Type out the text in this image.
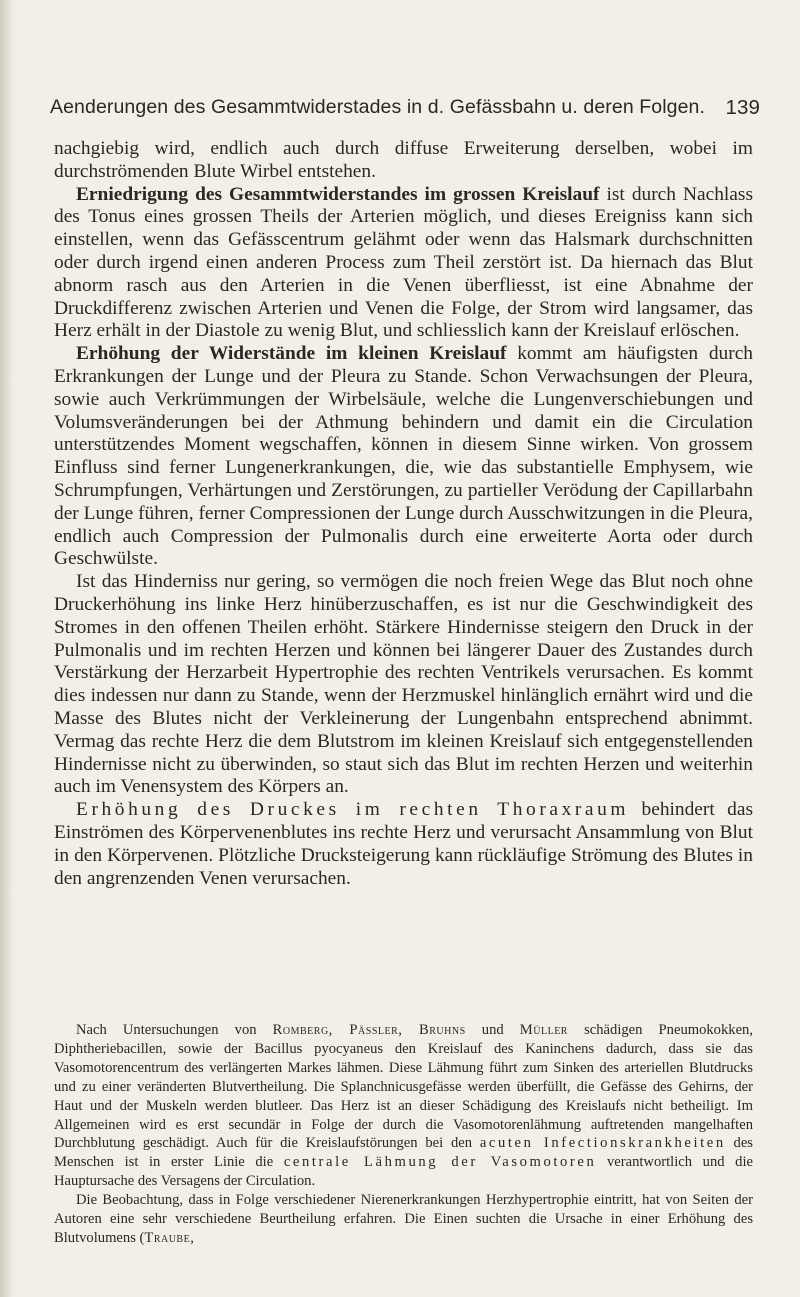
Aenderungen des Gesammtwiderstades in d. Gefässbahn u. deren Folgen. 139

nachgiebig wird, endlich auch durch diffuse Erweiterung derselben, wobei im durchströmenden Blute Wirbel entstehen.

Erniedrigung des Gesammtwiderstandes im grossen Kreislauf ist durch Nachlass des Tonus eines grossen Theils der Arterien möglich, und dieses Ereigniss kann sich einstellen, wenn das Gefässcentrum gelähmt oder wenn das Halsmark durchschnitten oder durch irgend einen anderen Process zum Theil zerstört ist. Da hiernach das Blut abnorm rasch aus den Arterien in die Venen überfliesst, ist eine Abnahme der Druckdifferenz zwischen Arterien und Venen die Folge, der Strom wird langsamer, das Herz erhält in der Diastole zu wenig Blut, und schliesslich kann der Kreislauf erlöschen.

Erhöhung der Widerstände im kleinen Kreislauf kommt am häufigsten durch Erkrankungen der Lunge und der Pleura zu Stande. Schon Verwachsungen der Pleura, sowie auch Verkrümmungen der Wirbelsäule, welche die Lungenverschiebungen und Volumsveränderungen bei der Athmung behindern und damit ein die Circulation unterstützendes Moment wegschaffen, können in diesem Sinne wirken. Von grossem Einfluss sind ferner Lungenerkrankungen, die, wie das substantielle Emphysem, wie Schrumpfungen, Verhärtungen und Zerstörungen, zu partieller Verödung der Capillarbahn der Lunge führen, ferner Compressionen der Lunge durch Ausschwitzungen in die Pleura, endlich auch Compression der Pulmonalis durch eine erweiterte Aorta oder durch Geschwülste.

Ist das Hinderniss nur gering, so vermögen die noch freien Wege das Blut noch ohne Druckerhöhung ins linke Herz hinüberzuschaffen, es ist nur die Geschwindigkeit des Stromes in den offenen Theilen erhöht. Stärkere Hindernisse steigern den Druck in der Pulmonalis und im rechten Herzen und können bei längerer Dauer des Zustandes durch Verstärkung der Herzarbeit Hypertrophie des rechten Ventrikels verursachen. Es kommt dies indessen nur dann zu Stande, wenn der Herzmuskel hinlänglich ernährt wird und die Masse des Blutes nicht der Verkleinerung der Lungenbahn entsprechend abnimmt. Vermag das rechte Herz die dem Blutstrom im kleinen Kreislauf sich entgegenstellenden Hindernisse nicht zu überwinden, so staut sich das Blut im rechten Herzen und weiterhin auch im Venensystem des Körpers an.

Erhöhung des Druckes im rechten Thoraxraum behindert das Einströmen des Körpervenenblutes ins rechte Herz und verursacht Ansammlung von Blut in den Körpervenen. Plötzliche Drucksteigerung kann rückläufige Strömung des Blutes in den angrenzenden Venen verursachen.

Nach Untersuchungen von Romberg, Pässler, Bruhns und Müller schädigen Pneumokokken, Diphtheriebacillen, sowie der Bacillus pyocyaneus den Kreislauf des Kaninchens dadurch, dass sie das Vasomotorencentrum des verlängerten Markes lähmen. Diese Lähmung führt zum Sinken des arteriellen Blutdrucks und zu einer veränderten Blutvertheilung. Die Splanchnicusgefässe werden überfüllt, die Gefässe des Gehirns, der Haut und der Muskeln werden blutleer. Das Herz ist an dieser Schädigung des Kreislaufs nicht betheiligt. Im Allgemeinen wird es erst secundär in Folge der durch die Vasomotorenlähmung auftretenden mangelhaften Durchblutung geschädigt. Auch für die Kreislaufstörungen bei den acuten Infectionskrankheiten des Menschen ist in erster Linie die centrale Lähmung der Vasomotoren verantwortlich und die Hauptursache des Versagens der Circulation.

Die Beobachtung, dass in Folge verschiedener Nierenerkrankungen Herzhypertrophie eintritt, hat von Seiten der Autoren eine sehr verschiedene Beurtheilung erfahren. Die Einen suchten die Ursache in einer Erhöhung des Blutvolumens (Traube,
